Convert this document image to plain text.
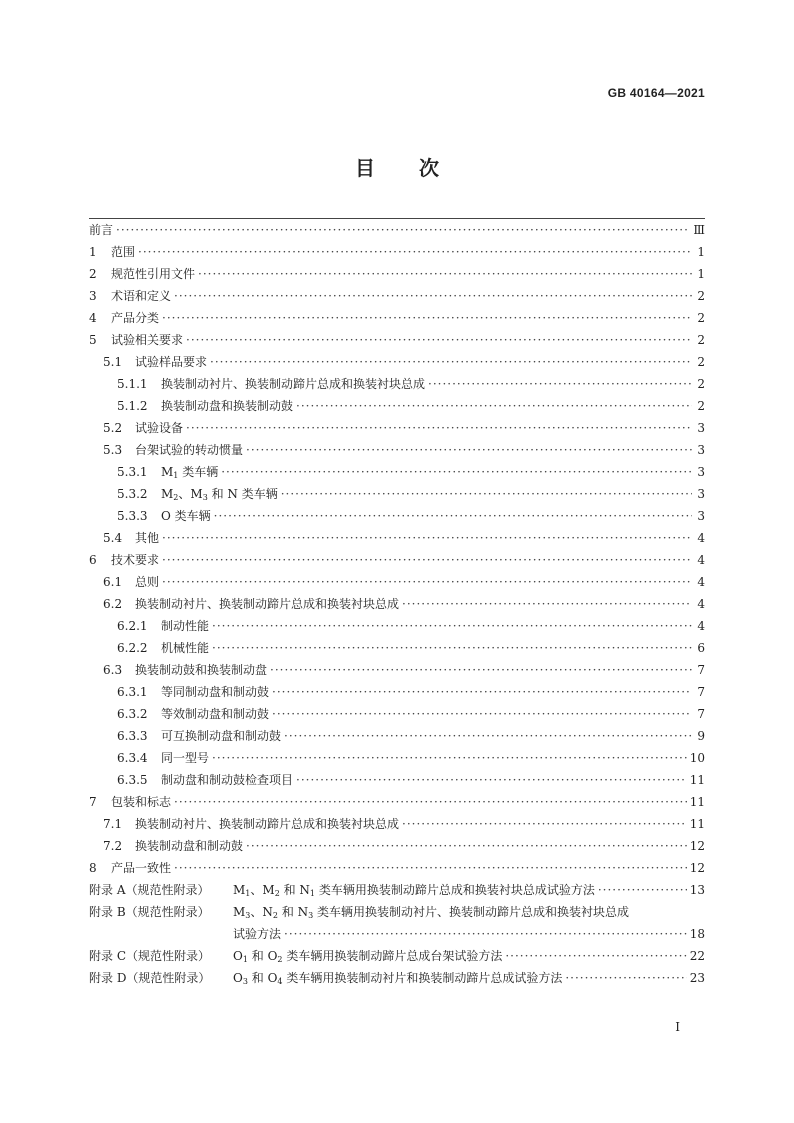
GB 40164—2021
目 次
前言 ·····	Ⅲ
1	范围 ·····	1
2	规范性引用文件 ·····	1
3	术语和定义 ·····	2
4	产品分类 ·····	2
5	试验相关要求 ·····	2
5.1	试验样品要求 ·····	2
5.1.1	换装制动衬片、换装制动蹄片总成和换装衬块总成 ·····	2
5.1.2	换装制动盘和换装制动鼓 ·····	2
5.2	试验设备 ·····	3
5.3	台架试验的转动惯量 ·····	3
5.3.1	$M_1$ 类车辆 ·····	3
5.3.2	$M_2$、$M_3$ 和 N 类车辆 ·····	3
5.3.3	O 类车辆 ·····	3
5.4	其他 ·····	4
6	技术要求 ·····	4
6.1	总则 ·····	4
6.2	换装制动衬片、换装制动蹄片总成和换装衬块总成 ·····	4
6.2.1	制动性能 ·····	4
6.2.2	机械性能 ·····	6
6.3	换装制动鼓和换装制动盘 ·····	7
6.3.1	等同制动盘和制动鼓 ·····	7
6.3.2	等效制动盘和制动鼓 ·····	7
6.3.3	可互换制动盘和制动鼓 ·····	9
6.3.4	同一型号 ·····	10
6.3.5	制动盘和制动鼓检查项目 ·····	11
7	包装和标志 ·····	11
7.1	换装制动衬片、换装制动蹄片总成和换装衬块总成 ·····	11
7.2	换装制动盘和制动鼓 ·····	12
8	产品一致性 ·····	12
附录 A（规范性附录）	$M_1$、$M_2$ 和 $N_1$ 类车辆用换装制动蹄片总成和换装衬块总成试验方法 ·····	13
附录 B（规范性附录）	$M_3$、$N_2$ 和 $N_3$ 类车辆用换装制动衬片、换装制动蹄片总成和换装衬块总成
试验方法 ·····	18
附录 C（规范性附录）	$O_1$ 和 $O_2$ 类车辆用换装制动蹄片总成台架试验方法 ·····	22
附录 D（规范性附录）	$O_3$ 和 $O_4$ 类车辆用换装制动衬片和换装制动蹄片总成试验方法 ·····	23
I
